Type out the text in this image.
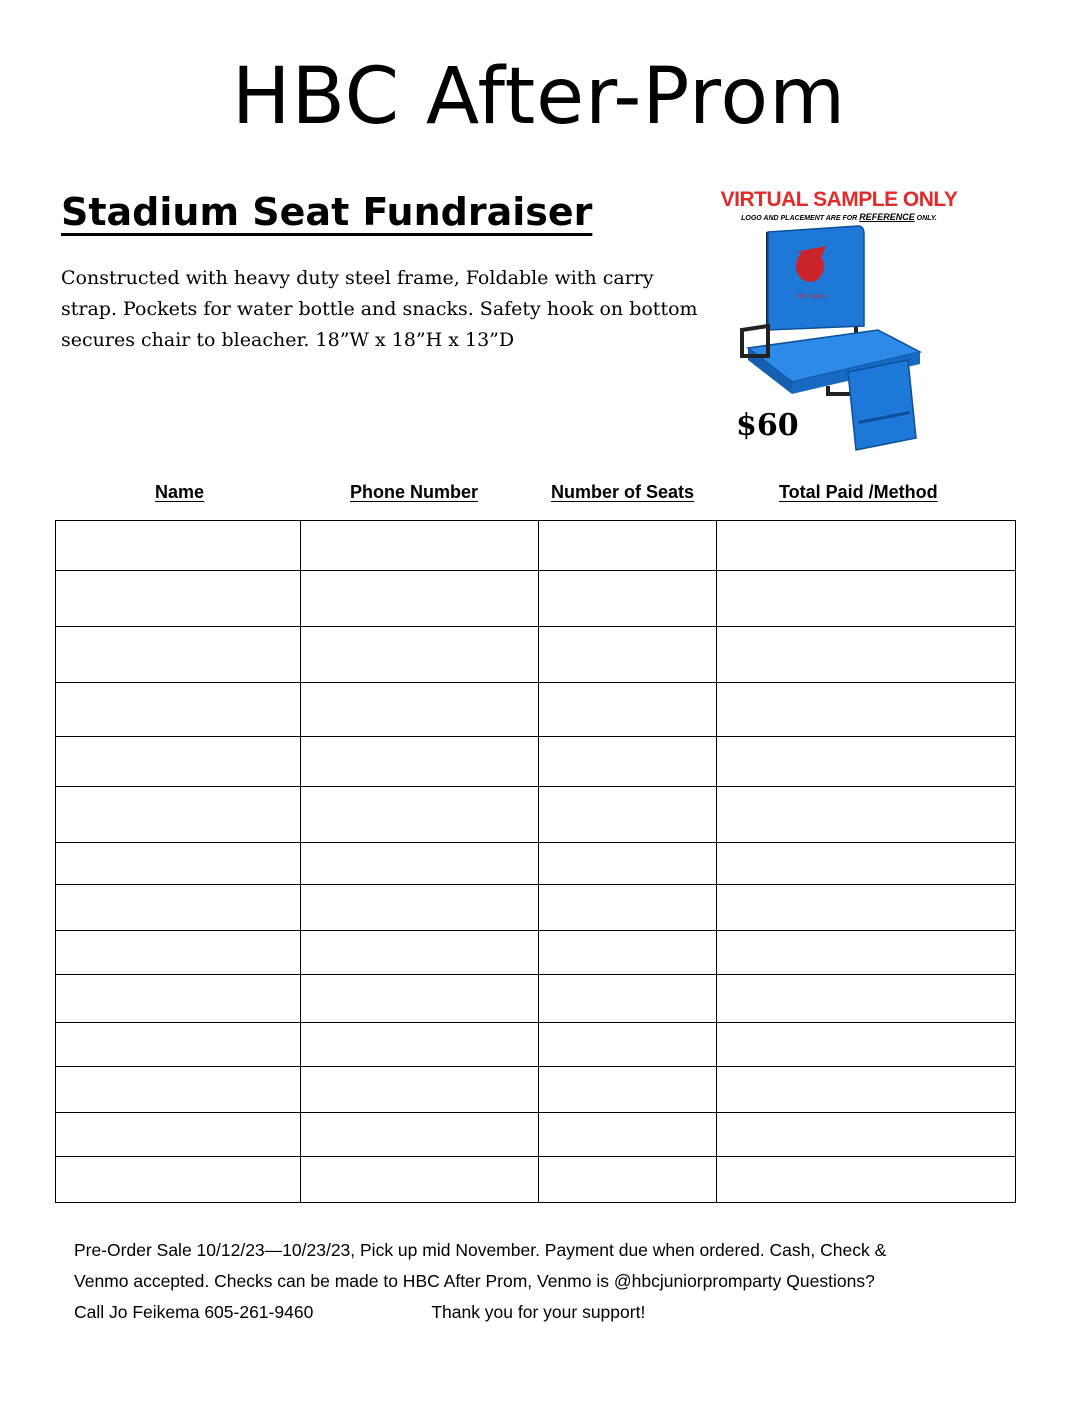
HBC After-Prom
Stadium Seat Fundraiser
Constructed with heavy duty steel frame, Foldable with carry strap. Pockets for water bottle and snacks. Safety hook on bottom secures chair to bleacher. 18”W x 18”H x 13”D
VIRTUAL SAMPLE ONLY
LOGO AND PLACEMENT ARE FOR REFERENCE ONLY.
HBC Patriots
$60
Name	Phone Number	Number of Seats	Total Paid /Method

Pre-Order Sale 10/12/23—10/23/23, Pick up mid November. Payment due when ordered. Cash, Check &
Venmo accepted. Checks can be made to HBC After Prom, Venmo is @hbcjuniorpromparty Questions?
Call Jo Feikema 605-261-9460	Thank you for your support!
